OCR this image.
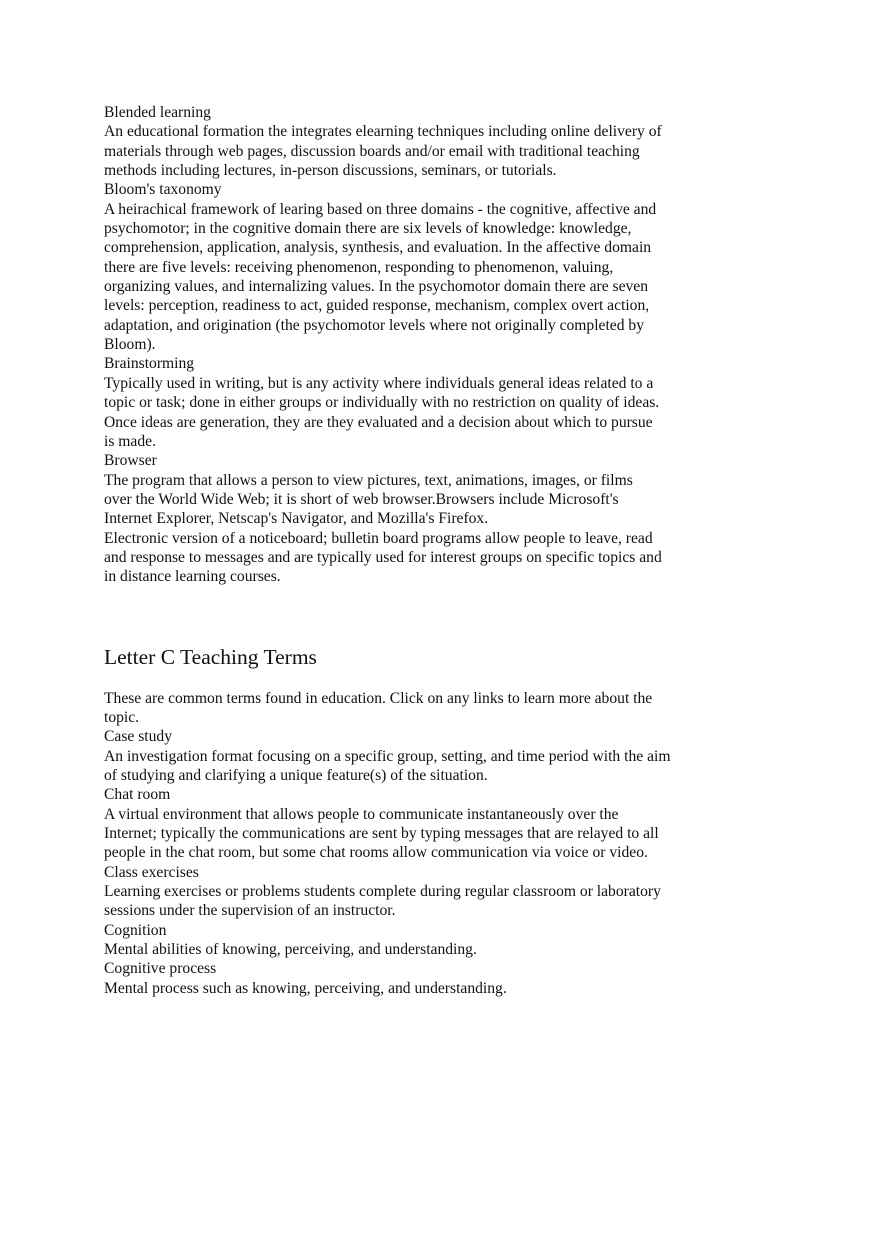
Blended learning
An educational formation the integrates elearning techniques including online delivery of
materials through web pages, discussion boards and/or email with traditional teaching
methods including lectures, in-person discussions, seminars, or tutorials.
Bloom's taxonomy
A heirachical framework of learing based on three domains - the cognitive, affective and
psychomotor; in the cognitive domain there are six levels of knowledge: knowledge,
comprehension, application, analysis, synthesis, and evaluation. In the affective domain
there are five levels: receiving phenomenon, responding to phenomenon, valuing,
organizing values, and internalizing values. In the psychomotor domain there are seven
levels: perception, readiness to act, guided response, mechanism, complex overt action,
adaptation, and origination (the psychomotor levels where not originally completed by
Bloom).
Brainstorming
Typically used in writing, but is any activity where individuals general ideas related to a
topic or task; done in either groups or individually with no restriction on quality of ideas.
Once ideas are generation, they are they evaluated and a decision about which to pursue
is made.
Browser
The program that allows a person to view pictures, text, animations, images, or films
over the World Wide Web; it is short of web browser.Browsers include Microsoft's
Internet Explorer, Netscap's Navigator, and Mozilla's Firefox.
Electronic version of a noticeboard; bulletin board programs allow people to leave, read
and response to messages and are typically used for interest groups on specific topics and
in distance learning courses.
Letter C Teaching Terms
These are common terms found in education. Click on any links to learn more about the
topic.
Case study
An investigation format focusing on a specific group, setting, and time period with the aim
of studying and clarifying a unique feature(s) of the situation.
Chat room
A virtual environment that allows people to communicate instantaneously over the
Internet; typically the communications are sent by typing messages that are relayed to all
people in the chat room, but some chat rooms allow communication via voice or video.
Class exercises
Learning exercises or problems students complete during regular classroom or laboratory
sessions under the supervision of an instructor.
Cognition
Mental abilities of knowing, perceiving, and understanding.
Cognitive process
Mental process such as knowing, perceiving, and understanding.
